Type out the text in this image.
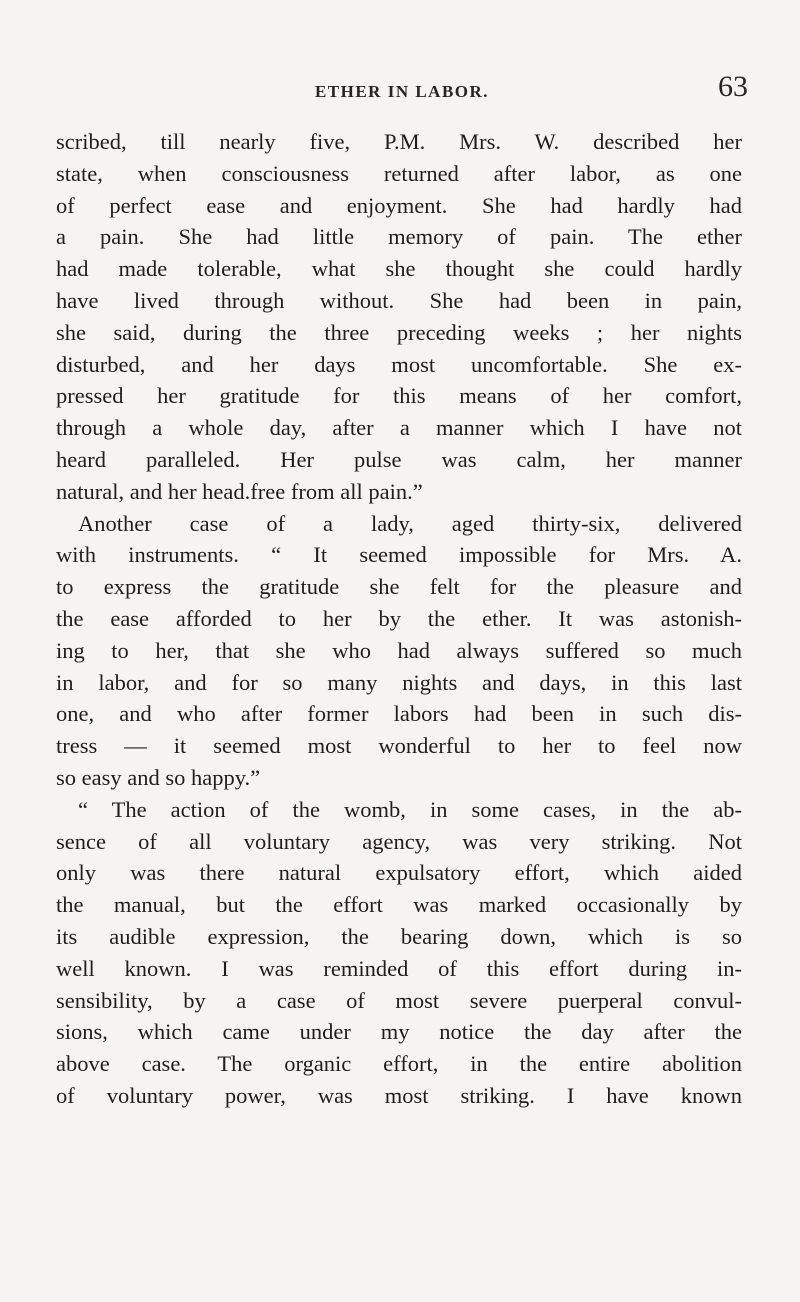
ETHER IN LABOR.	63
scribed, till nearly five, P.M. Mrs. W. described her
state, when consciousness returned after labor, as one
of perfect ease and enjoyment. She had hardly had
a pain. She had little memory of pain. The ether
had made tolerable, what she thought she could hardly
have lived through without. She had been in pain,
she said, during the three preceding weeks ; her nights
disturbed, and her days most uncomfortable. She ex-
pressed her gratitude for this means of her comfort,
through a whole day, after a manner which I have not
heard paralleled. Her pulse was calm, her manner
natural, and her head.free from all pain.”
Another case of a lady, aged thirty-six, delivered
with instruments. “ It seemed impossible for Mrs. A.
to express the gratitude she felt for the pleasure and
the ease afforded to her by the ether. It was astonish-
ing to her, that she who had always suffered so much
in labor, and for so many nights and days, in this last
one, and who after former labors had been in such dis-
tress — it seemed most wonderful to her to feel now
so easy and so happy.”
“ The action of the womb, in some cases, in the ab-
sence of all voluntary agency, was very striking. Not
only was there natural expulsatory effort, which aided
the manual, but the effort was marked occasionally by
its audible expression, the bearing down, which is so
well known. I was reminded of this effort during in-
sensibility, by a case of most severe puerperal convul-
sions, which came under my notice the day after the
above case. The organic effort, in the entire abolition
of voluntary power, was most striking. I have known
